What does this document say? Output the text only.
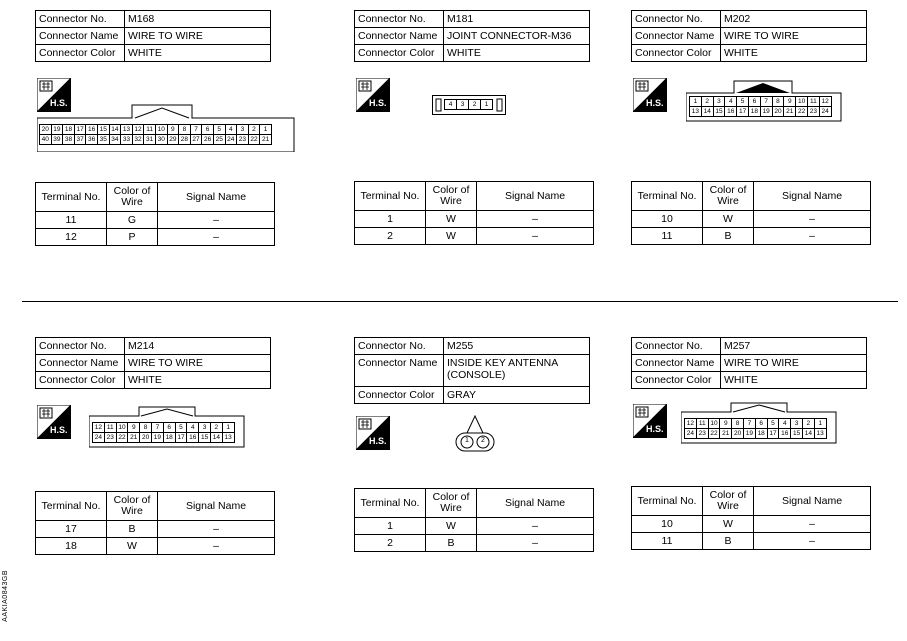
Connector No.	M168
Connector Name	WIRE TO WIRE
Connector Color	WHITE
H.S.
20 19 18 17 16 15 14 13 12 11 10 9	8	7	6	5	4	3	2	1
40 39 38 37 36 35 34 33 32 31 30 29 28 27 26 25 24 23 22 21
Terminal No.	Color of Wire	Signal Name
11	G	–
12	P	–
Connector No.	M181
Connector Name	JOINT CONNECTOR-M36
Connector Color	WHITE
H.S.	4	3	2	1
Terminal No.	Color of Wire	Signal Name
1	W	–
2	W	–
Connector No.	M202
Connector Name	WIRE TO WIRE
Connector Color	WHITE
H.S.	1	2	3	4	5	6	7	8	9 10 11 12
13 14 15 16 17 18 19 20 21 22 23 24
Terminal No.	Color of Wire	Signal Name
10	W	–
11	B	–
Connector No.	M214
Connector Name	WIRE TO WIRE
Connector Color	WHITE
H.S.	12 11 10 9	8	7	6	5	4	3	2	1
24 23 22 21 20 19 18 17 16 15 14 13
Terminal No.	Color of Wire	Signal Name
17	B	–
18	W	–
Connector No.	M255
Connector Name	INSIDE KEY ANTENNA (CONSOLE)
Connector Color	GRAY
H.S.	1 2
Terminal No.	Color of Wire	Signal Name
1	W	–
2	B	–
Connector No.	M257
Connector Name	WIRE TO WIRE
Connector Color	WHITE
H.S.
12 11 10 9	8	7	6	5	4	3	2	1
24 23 22 21 20 19 18 17 16 15 14 13
Terminal No.	Color of Wire	Signal Name
10	W	–
11	B	–
AAKIA0843GB
